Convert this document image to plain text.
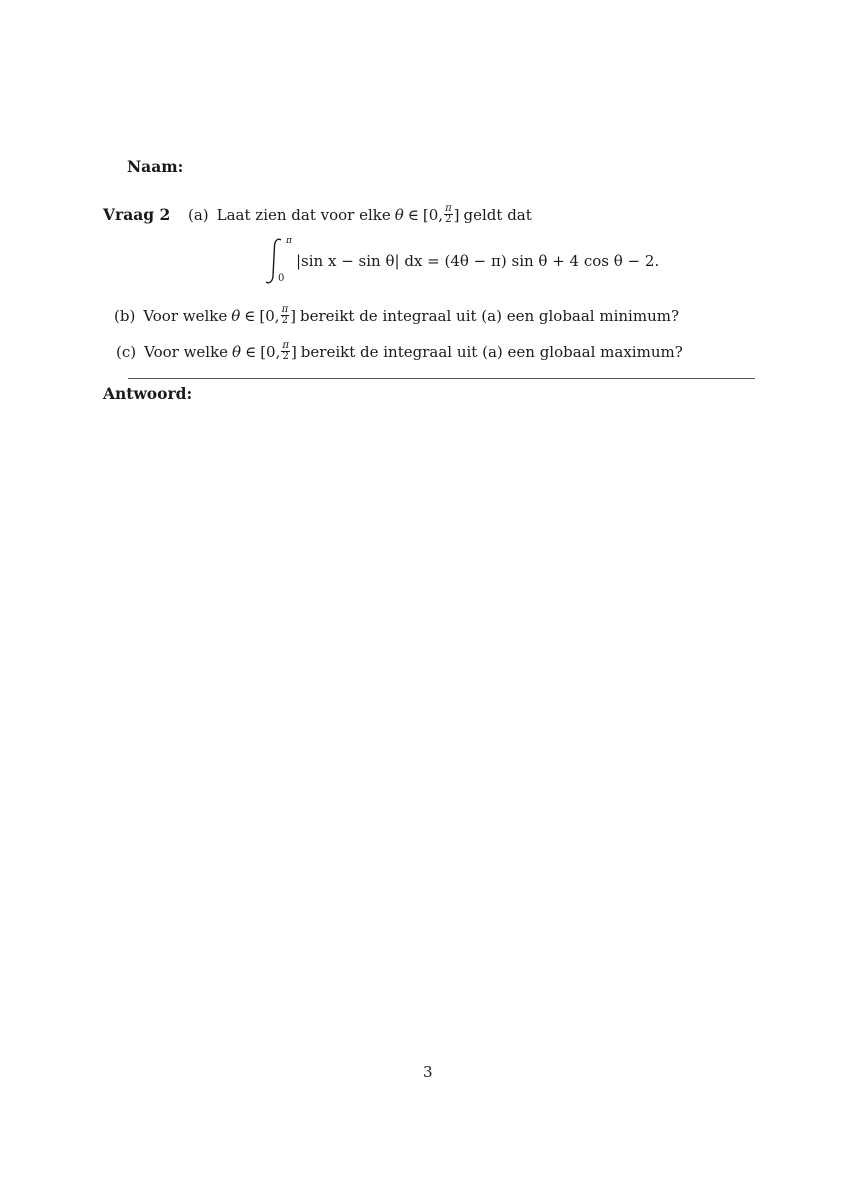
Naam:
Vraag 2 (a) Laat zien dat voor elke θ ∈ [0, $\frac{\pi}{2}$ ] geldt dat
π
0
|sin x − sin θ| dx = (4θ − π) sin θ + 4 cos θ − 2.
(b) Voor welke θ ∈ [0, $\frac{\pi}{2}$ ] bereikt de integraal uit (a) een globaal minimum?
(c) Voor welke θ ∈ [0, $\frac{\pi}{2}$ ] bereikt de integraal uit (a) een globaal maximum?
Antwoord:
3
